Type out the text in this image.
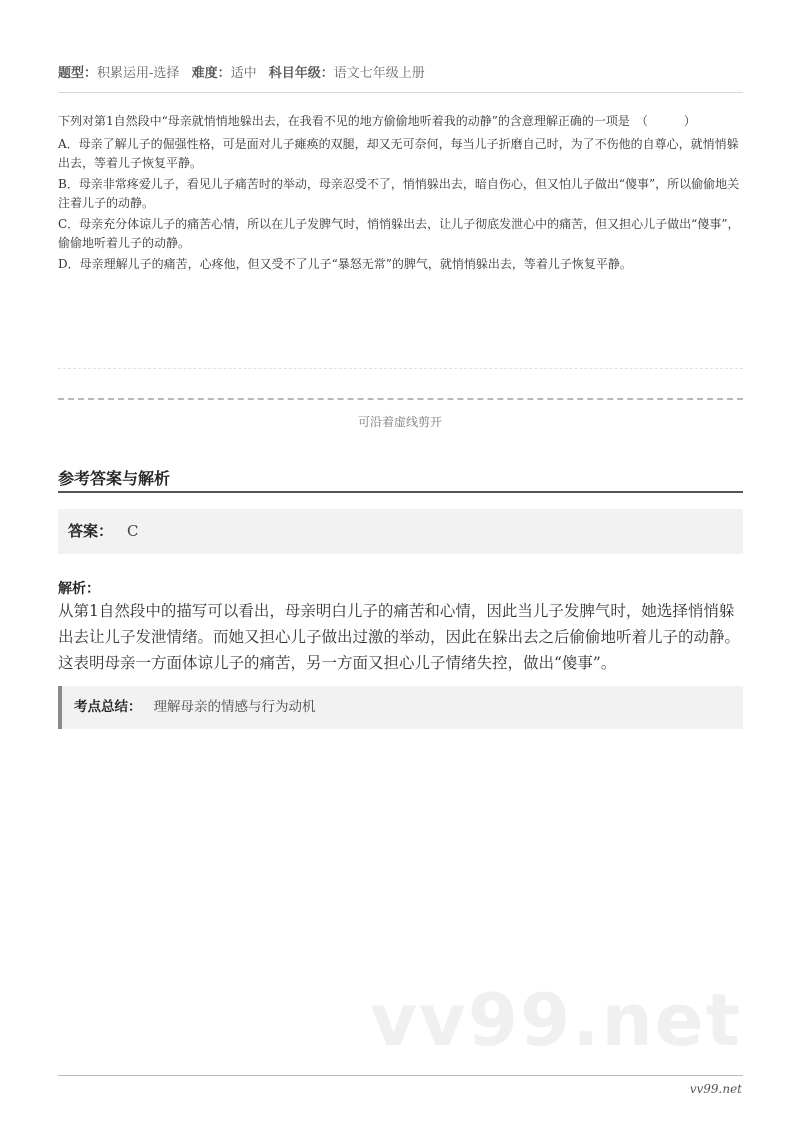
题型：积累运用-选择 难度：适中 科目年级：语文七年级上册
下列对第1自然段中“母亲就悄悄地躲出去，在我看不见的地方偷偷地听着我的动静”的含意理解正确的一项是　（　　　）
A．母亲了解儿子的倔强性格，可是面对儿子瘫痪的双腿，却又无可奈何，每当儿子折磨自己时，为了不伤他的自尊心，就悄悄躲出去，等着儿子恢复平静。
B．母亲非常疼爱儿子，看见儿子痛苦时的举动，母亲忍受不了，悄悄躲出去，暗自伤心，但又怕儿子做出“傻事”，所以偷偷地关注着儿子的动静。
C．母亲充分体谅儿子的痛苦心情，所以在儿子发脾气时，悄悄躲出去，让儿子彻底发泄心中的痛苦，但又担心儿子做出“傻事”，偷偷地听着儿子的动静。
D．母亲理解儿子的痛苦，心疼他，但又受不了儿子“暴怒无常”的脾气，就悄悄躲出去，等着儿子恢复平静。
可沿着虚线剪开
参考答案与解析
答案： C
解析：
从第1自然段中的描写可以看出，母亲明白儿子的痛苦和心情，因此当儿子发脾气时，她选择悄悄躲出去让儿子发泄情绪。而她又担心儿子做出过激的举动，因此在躲出去之后偷偷地听着儿子的动静。这表明母亲一方面体谅儿子的痛苦，另一方面又担心儿子情绪失控，做出“傻事”。
考点总结： 理解母亲的情感与行为动机
vv99.net
vv99.net
